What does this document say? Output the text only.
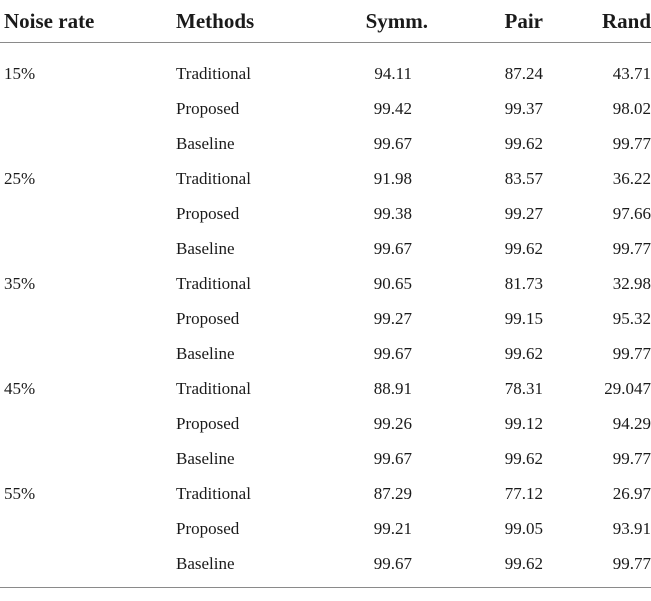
Noise rate	Methods	Symm.	Pair	Rand
15%	Traditional	94.11	87.24	43.71
	Proposed	99.42	99.37	98.02
	Baseline	99.67	99.62	99.77
25%	Traditional	91.98	83.57	36.22
	Proposed	99.38	99.27	97.66
	Baseline	99.67	99.62	99.77
35%	Traditional	90.65	81.73	32.98
	Proposed	99.27	99.15	95.32
	Baseline	99.67	99.62	99.77
45%	Traditional	88.91	78.31	29.047
	Proposed	99.26	99.12	94.29
	Baseline	99.67	99.62	99.77
55%	Traditional	87.29	77.12	26.97
	Proposed	99.21	99.05	93.91
	Baseline	99.67	99.62	99.77
